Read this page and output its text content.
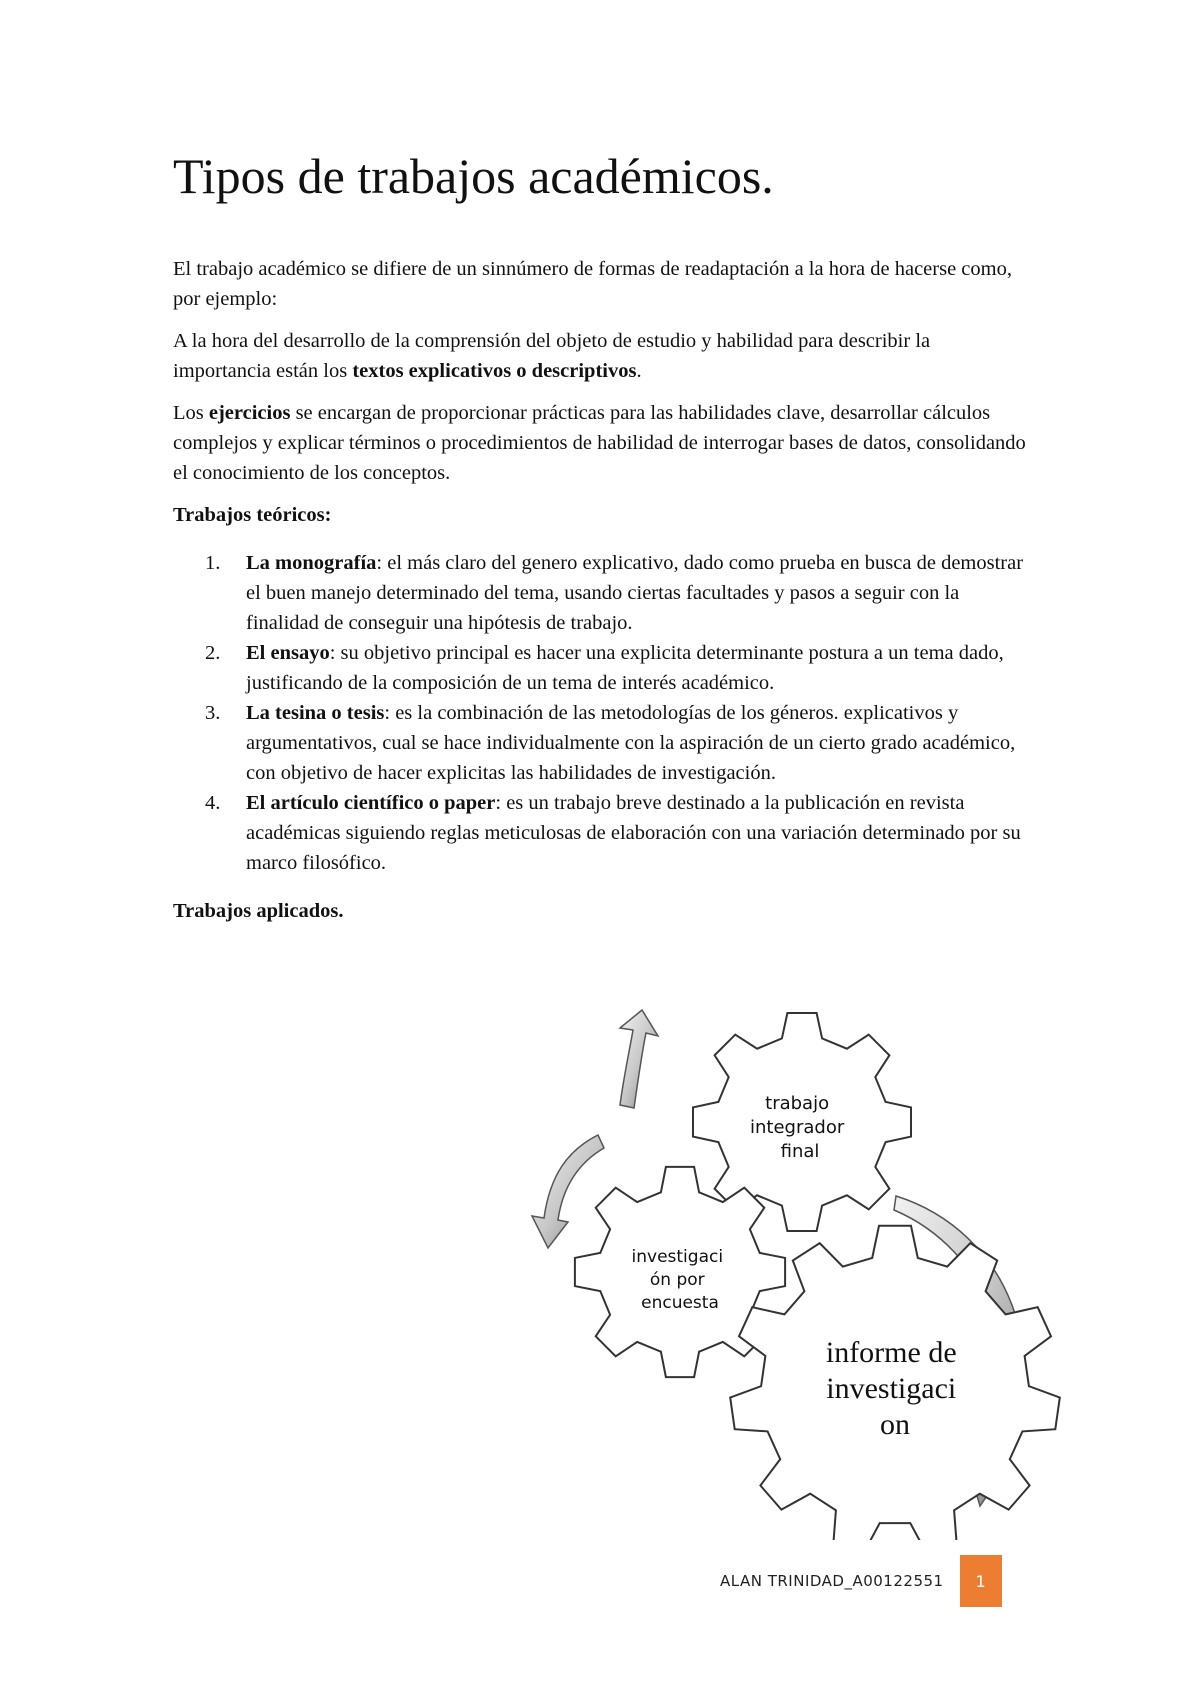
Tipos de trabajos académicos.

El trabajo académico se difiere de un sinnúmero de formas de readaptación a la hora de hacerse como, por ejemplo:

A la hora del desarrollo de la comprensión del objeto de estudio y habilidad para describir la importancia están los textos explicativos o descriptivos.

Los ejercicios se encargan de proporcionar prácticas para las habilidades clave, desarrollar cálculos complejos y explicar términos o procedimientos de habilidad de interrogar bases de datos, consolidando el conocimiento de los conceptos.

Trabajos teóricos:

1. La monografía: el más claro del genero explicativo, dado como prueba en busca de demostrar el buen manejo determinado del tema, usando ciertas facultades y pasos a seguir con la finalidad de conseguir una hipótesis de trabajo.
2. El ensayo: su objetivo principal es hacer una explicita determinante postura a un tema dado, justificando de la composición de un tema de interés académico.
3. La tesina o tesis: es la combinación de las metodologías de los géneros. explicativos y argumentativos, cual se hace individualmente con la aspiración de un cierto grado académico, con objetivo de hacer explicitas las habilidades de investigación.
4. El artículo científico o paper: es un trabajo breve destinado a la publicación en revista académicas siguiendo reglas meticulosas de elaboración con una variación determinado por su marco filosófico.

Trabajos aplicados.

trabajo integrador final
investigaci ón por encuesta
informe de investigaci on
ALAN TRINIDAD_A00122551	1
